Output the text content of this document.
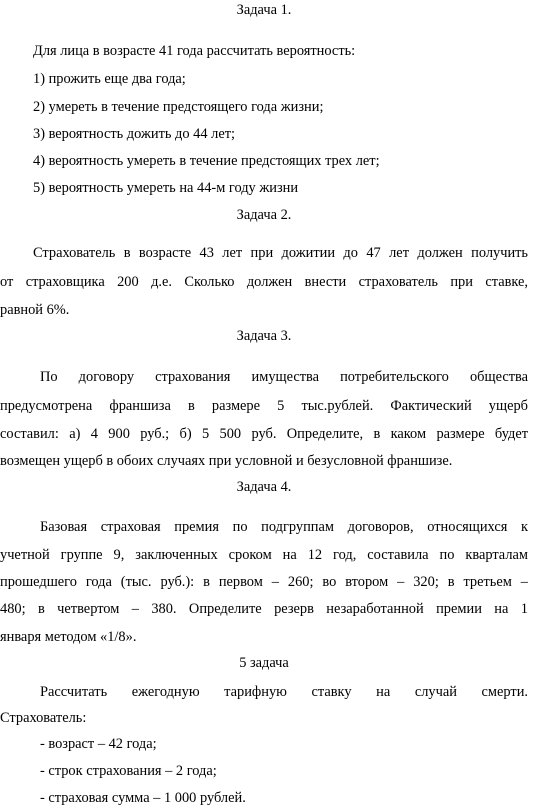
Задача 1.
Для лица в возрасте 41 года рассчитать вероятность:
1) прожить еще два года;
2) умереть в течение предстоящего года жизни;
3) вероятность дожить до 44 лет;
4) вероятность умереть в течение предстоящих трех лет;
5) вероятность умереть на 44-м году жизни
Задача 2.
Страхователь в возрасте 43 лет при дожитии до 47 лет должен получить
от страховщика 200 д.е. Сколько должен внести страхователь при ставке,
равной 6%.
Задача 3.
По договору страхования имущества потребительского общества
предусмотрена франшиза в размере 5 тыс.рублей. Фактический ущерб
составил: а) 4 900 руб.; б) 5 500 руб. Определите, в каком размере будет
возмещен ущерб в обоих случаях при условной и безусловной франшизе.
Задача 4.
Базовая страховая премия по подгруппам договоров, относящихся к
учетной группе 9, заключенных сроком на 12 год, составила по кварталам
прошедшего года (тыс. руб.): в первом – 260; во втором – 320; в третьем –
480; в четвертом – 380. Определите резерв незаработанной премии на 1
января методом «1/8».
5 задача
Рассчитать ежегодную тарифную ставку на случай смерти.
Страхователь:
- возраст – 42 года;
- строк страхования – 2 года;
- страховая сумма – 1 000 рублей.
